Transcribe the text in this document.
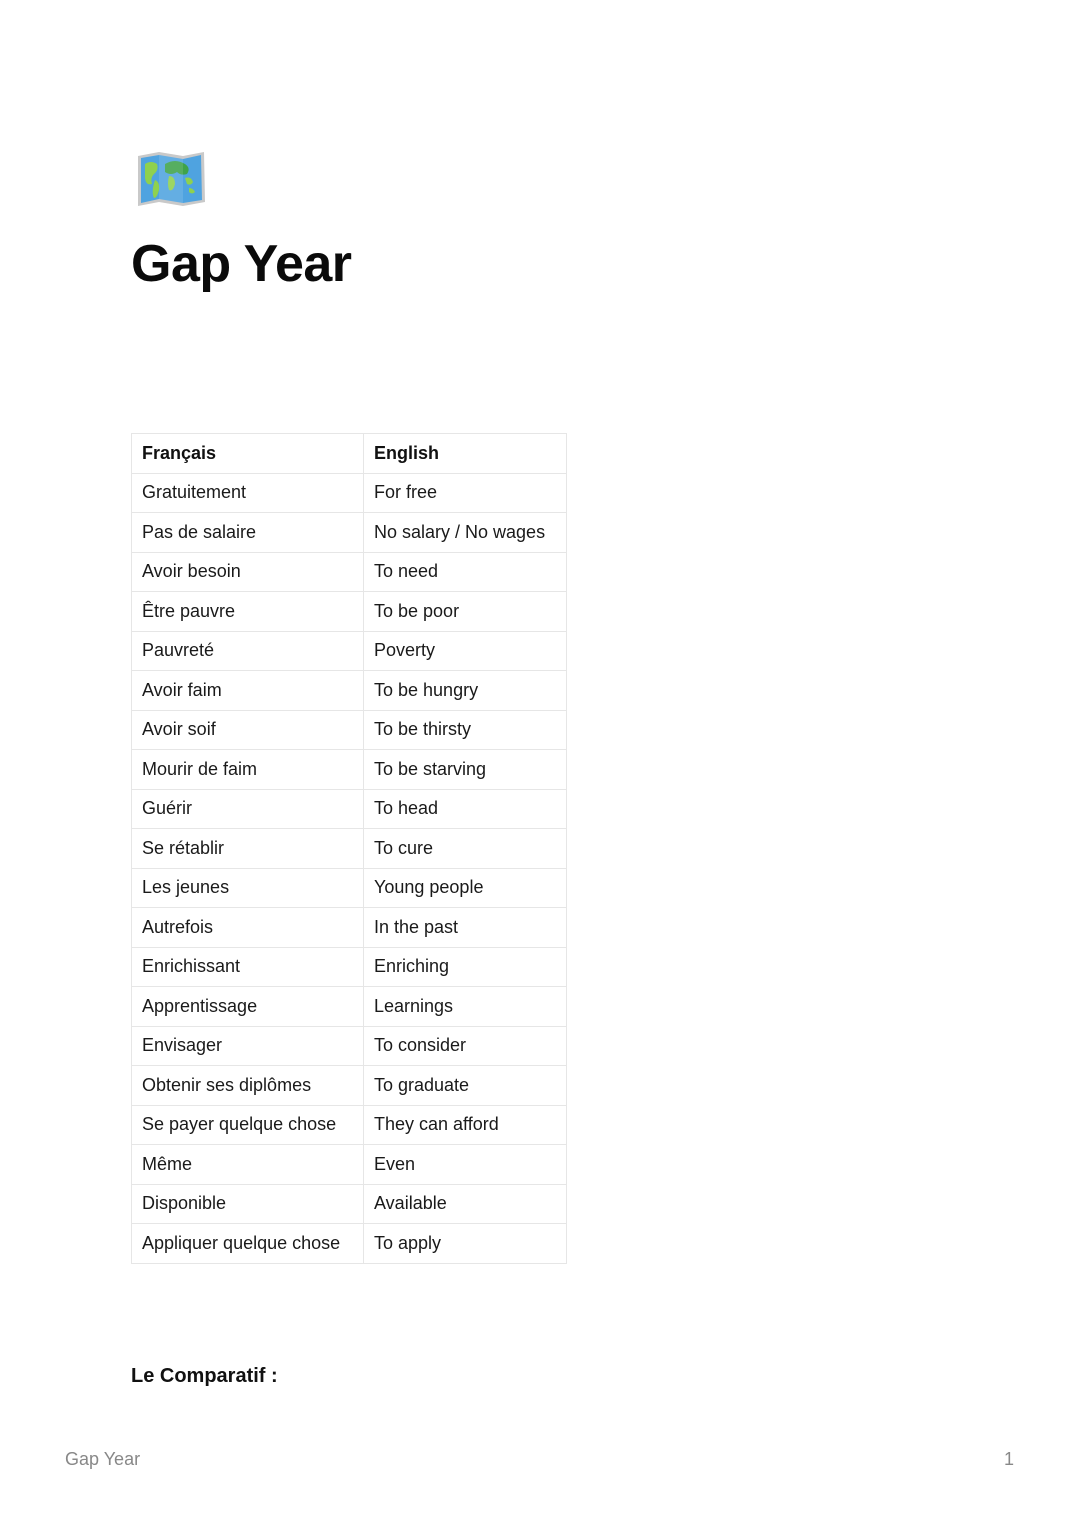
Gap Year
Français	English
Gratuitement	For free
Pas de salaire	No salary / No wages
Avoir besoin	To need
Être pauvre	To be poor
Pauvreté	Poverty
Avoir faim	To be hungry
Avoir soif	To be thirsty
Mourir de faim	To be starving
Guérir	To head
Se rétablir	To cure
Les jeunes	Young people
Autrefois	In the past
Enrichissant	Enriching
Apprentissage	Learnings
Envisager	To consider
Obtenir ses diplômes	To graduate
Se payer quelque chose	They can afford
Même	Even
Disponible	Available
Appliquer quelque chose	To apply
Le Comparatif :
Gap Year	1
